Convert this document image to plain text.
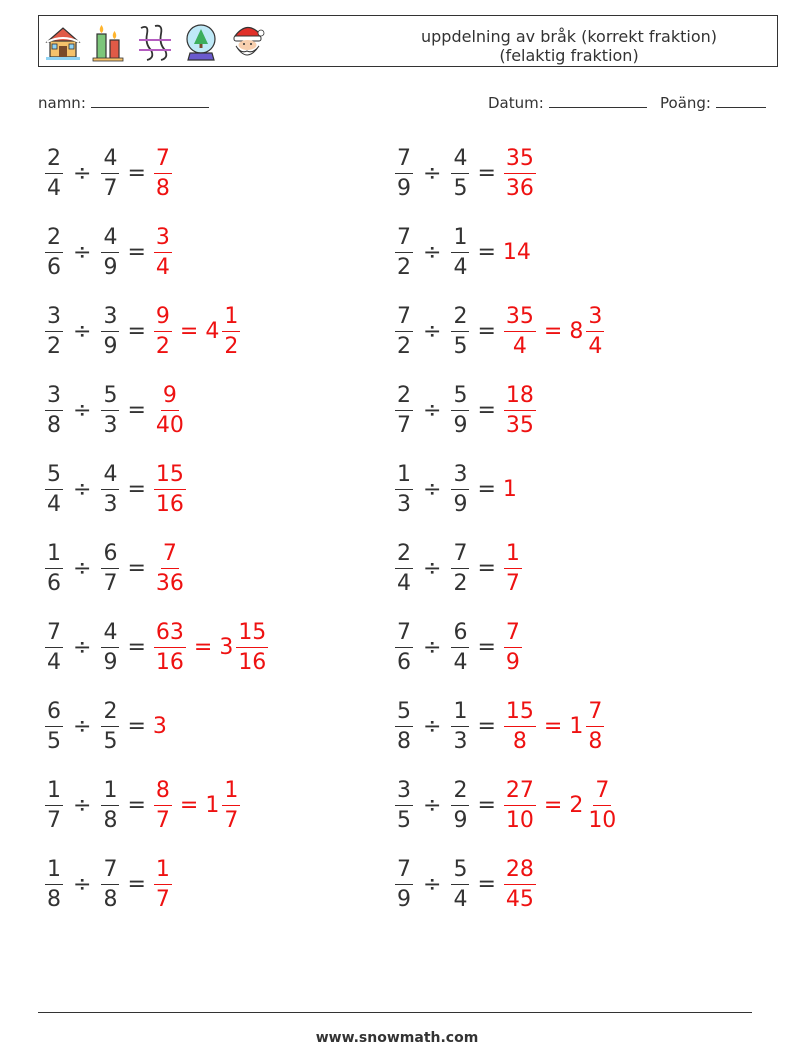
uppdelning av bråk (korrekt fraktion)
(felaktig fraktion)
namn:	Datum:	Poäng:
$\frac{2}{4} \div \frac{4}{7} = \frac{7}{8}$	$\frac{7}{9} \div \frac{4}{5} = \frac{35}{36}$
$\frac{2}{6} \div \frac{4}{9} = \frac{3}{4}$	$\frac{7}{2} \div \frac{1}{4} = 14$
$\frac{3}{2} \div \frac{3}{9} = \frac{9}{2} = 4 \frac{1}{2}$	$\frac{7}{2} \div \frac{2}{5} = \frac{35}{4} = 8 \frac{3}{4}$
$\frac{3}{8} \div \frac{5}{3} = \frac{9}{40}$	$\frac{2}{7} \div \frac{5}{9} = \frac{18}{35}$
$\frac{5}{4} \div \frac{4}{3} = \frac{15}{16}$	$\frac{1}{3} \div \frac{3}{9} = 1$
$\frac{1}{6} \div \frac{6}{7} = \frac{7}{36}$	$\frac{2}{4} \div \frac{7}{2} = \frac{1}{7}$
$\frac{7}{4} \div \frac{4}{9} = \frac{63}{16} = 3 \frac{15}{16}$	$\frac{7}{6} \div \frac{6}{4} = \frac{7}{9}$
$\frac{6}{5} \div \frac{2}{5} = 3$	$\frac{5}{8} \div \frac{1}{3} = \frac{15}{8} = 1 \frac{7}{8}$
$\frac{1}{7} \div \frac{1}{8} = \frac{8}{7} = 1 \frac{1}{7}$	$\frac{3}{5} \div \frac{2}{9} = \frac{27}{10} = 2 \frac{7}{10}$
$\frac{1}{8} \div \frac{7}{8} = \frac{1}{7}$	$\frac{7}{9} \div \frac{5}{4} = \frac{28}{45}$
www.snowmath.com
